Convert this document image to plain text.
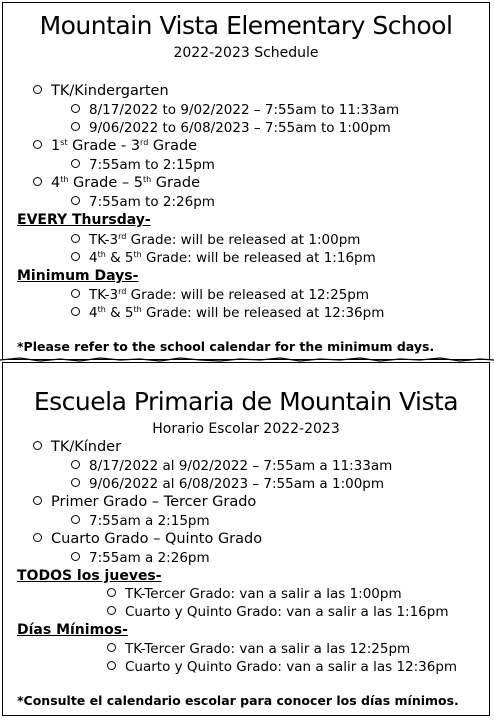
Mountain Vista Elementary School
2022-2023 Schedule
TK/Kindergarten
8/17/2022 to 9/02/2022 – 7:55am to 11:33am
9/06/2022 to 6/08/2023 – 7:55am to 1:00pm
1st Grade - 3rd Grade
7:55am to 2:15pm
4th Grade – 5th Grade
7:55am to 2:26pm
EVERY Thursday-
TK-3rd Grade: will be released at 1:00pm
4th & 5th Grade: will be released at 1:16pm
Minimum Days-
TK-3rd Grade: will be released at 12:25pm
4th & 5th Grade: will be released at 12:36pm
*Please refer to the school calendar for the minimum days.
Escuela Primaria de Mountain Vista
Horario Escolar 2022-2023
TK/Kínder
8/17/2022 al 9/02/2022 – 7:55am a 11:33am
9/06/2022 al 6/08/2023 – 7:55am a 1:00pm
Primer Grado – Tercer Grado
7:55am a 2:15pm
Cuarto Grado – Quinto Grado
7:55am a 2:26pm
TODOS los jueves-
TK-Tercer Grado: van a salir a las 1:00pm
Cuarto y Quinto Grado: van a salir a las 1:16pm
Días Mínimos-
TK-Tercer Grado: van a salir a las 12:25pm
Cuarto y Quinto Grado: van a salir a las 12:36pm
*Consulte el calendario escolar para conocer los días mínimos.
